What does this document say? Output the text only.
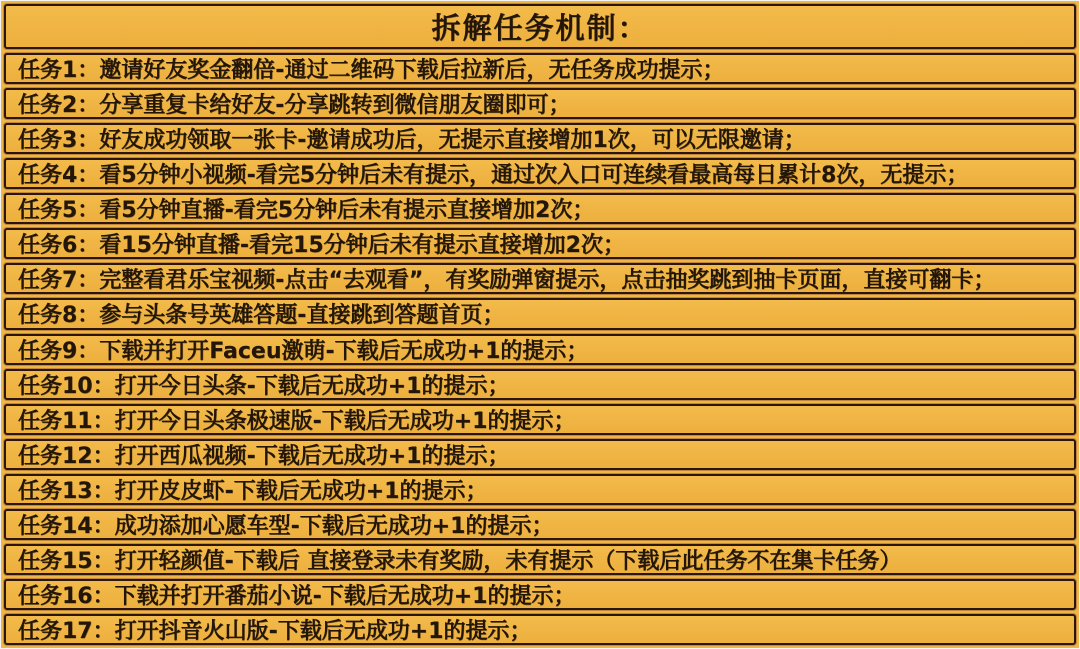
拆解任务机制：
任务1：邀请好友奖金翻倍-通过二维码下载后拉新后，无任务成功提示；
任务2：分享重复卡给好友-分享跳转到微信朋友圈即可；
任务3：好友成功领取一张卡-邀请成功后，无提示直接增加1次，可以无限邀请；
任务4：看5分钟小视频-看完5分钟后未有提示，通过次入口可连续看最高每日累计8次，无提示；
任务5：看5分钟直播-看完5分钟后未有提示直接增加2次；
任务6：看15分钟直播-看完15分钟后未有提示直接增加2次；
任务7：完整看君乐宝视频-点击“去观看”，有奖励弹窗提示，点击抽奖跳到抽卡页面，直接可翻卡；
任务8：参与头条号英雄答题-直接跳到答题首页；
任务9：下载并打开Faceu激萌-下载后无成功+1的提示；
任务10：打开今日头条-下载后无成功+1的提示；
任务11：打开今日头条极速版-下载后无成功+1的提示；
任务12：打开西瓜视频-下载后无成功+1的提示；
任务13：打开皮皮虾-下载后无成功+1的提示；
任务14：成功添加心愿车型-下载后无成功+1的提示；
任务15：打开轻颜值-下载后 直接登录未有奖励，未有提示（下载后此任务不在集卡任务）
任务16：下载并打开番茄小说-下载后无成功+1的提示；
任务17：打开抖音火山版-下载后无成功+1的提示；
